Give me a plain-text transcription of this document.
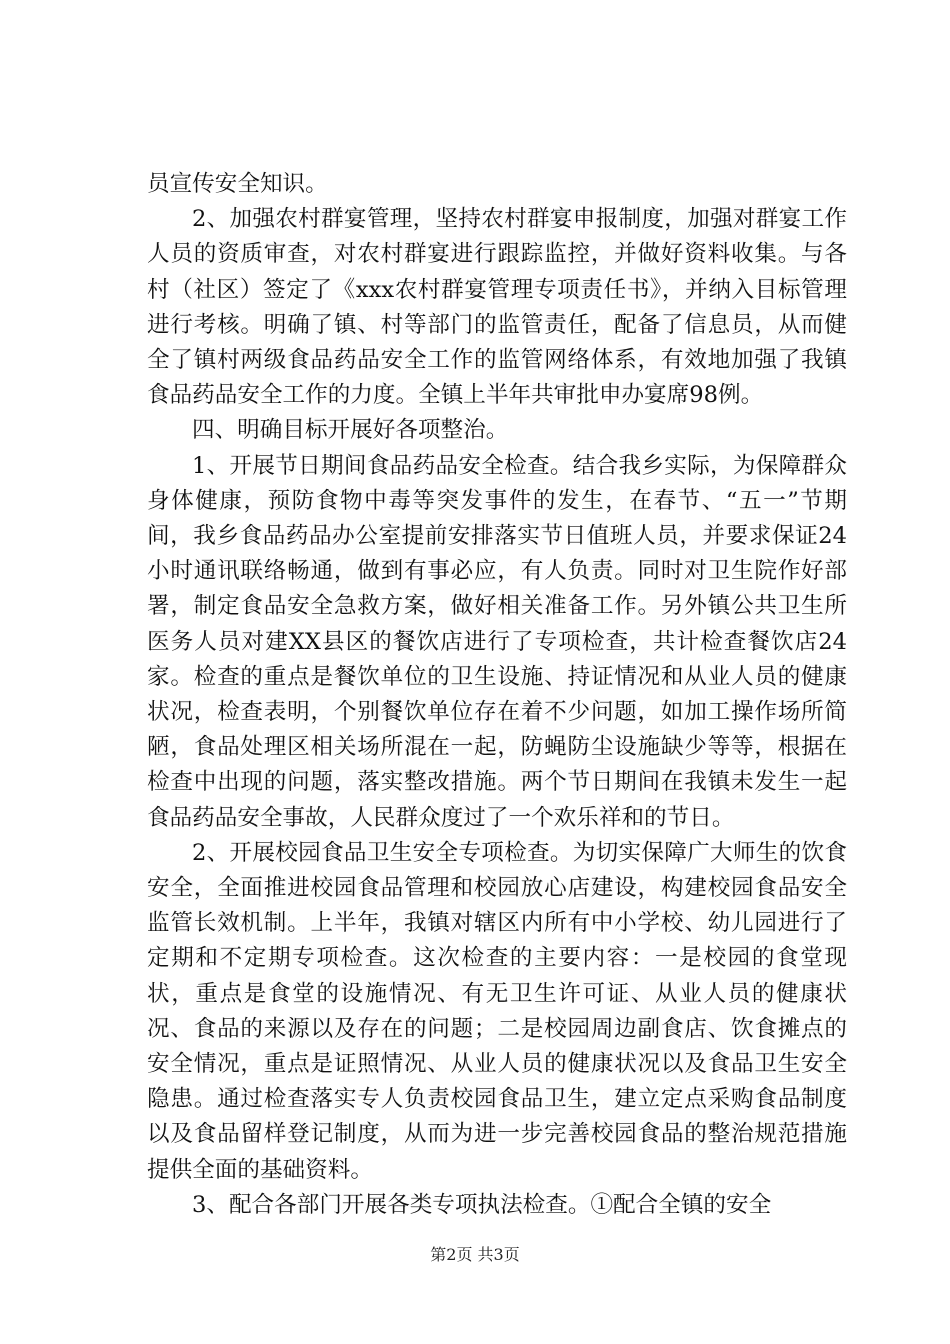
员宣传安全知识。

2、加强农村群宴管理，坚持农村群宴申报制度，加强对群宴工作人员的资质审查，对农村群宴进行跟踪监控，并做好资料收集。与各村（社区）签定了《xxx农村群宴管理专项责任书》，并纳入目标管理进行考核。明确了镇、村等部门的监管责任，配备了信息员，从而健全了镇村两级食品药品安全工作的监管网络体系，有效地加强了我镇食品药品安全工作的力度。全镇上半年共审批申办宴席98例。

四、明确目标开展好各项整治。

1、开展节日期间食品药品安全检查。结合我乡实际，为保障群众身体健康，预防食物中毒等突发事件的发生，在春节、“五一”节期间，我乡食品药品办公室提前安排落实节日值班人员，并要求保证24小时通讯联络畅通，做到有事必应，有人负责。同时对卫生院作好部署，制定食品安全急救方案，做好相关准备工作。另外镇公共卫生所医务人员对建XX县区的餐饮店进行了专项检查，共计检查餐饮店24家。检查的重点是餐饮单位的卫生设施、持证情况和从业人员的健康状况，检查表明，个别餐饮单位存在着不少问题，如加工操作场所简陋，食品处理区相关场所混在一起，防蝇防尘设施缺少等等，根据在检查中出现的问题，落实整改措施。两个节日期间在我镇未发生一起食品药品安全事故，人民群众度过了一个欢乐祥和的节日。

2、开展校园食品卫生安全专项检查。为切实保障广大师生的饮食安全，全面推进校园食品管理和校园放心店建设，构建校园食品安全监管长效机制。上半年，我镇对辖区内所有中小学校、幼儿园进行了定期和不定期专项检查。这次检查的主要内容：一是校园的食堂现状，重点是食堂的设施情况、有无卫生许可证、从业人员的健康状况、食品的来源以及存在的问题；二是校园周边副食店、饮食摊点的安全情况，重点是证照情况、从业人员的健康状况以及食品卫生安全隐患。通过检查落实专人负责校园食品卫生，建立定点采购食品制度以及食品留样登记制度，从而为进一步完善校园食品的整治规范措施提供全面的基础资料。

3、配合各部门开展各类专项执法检查。①配合全镇的安全

第2页 共3页
